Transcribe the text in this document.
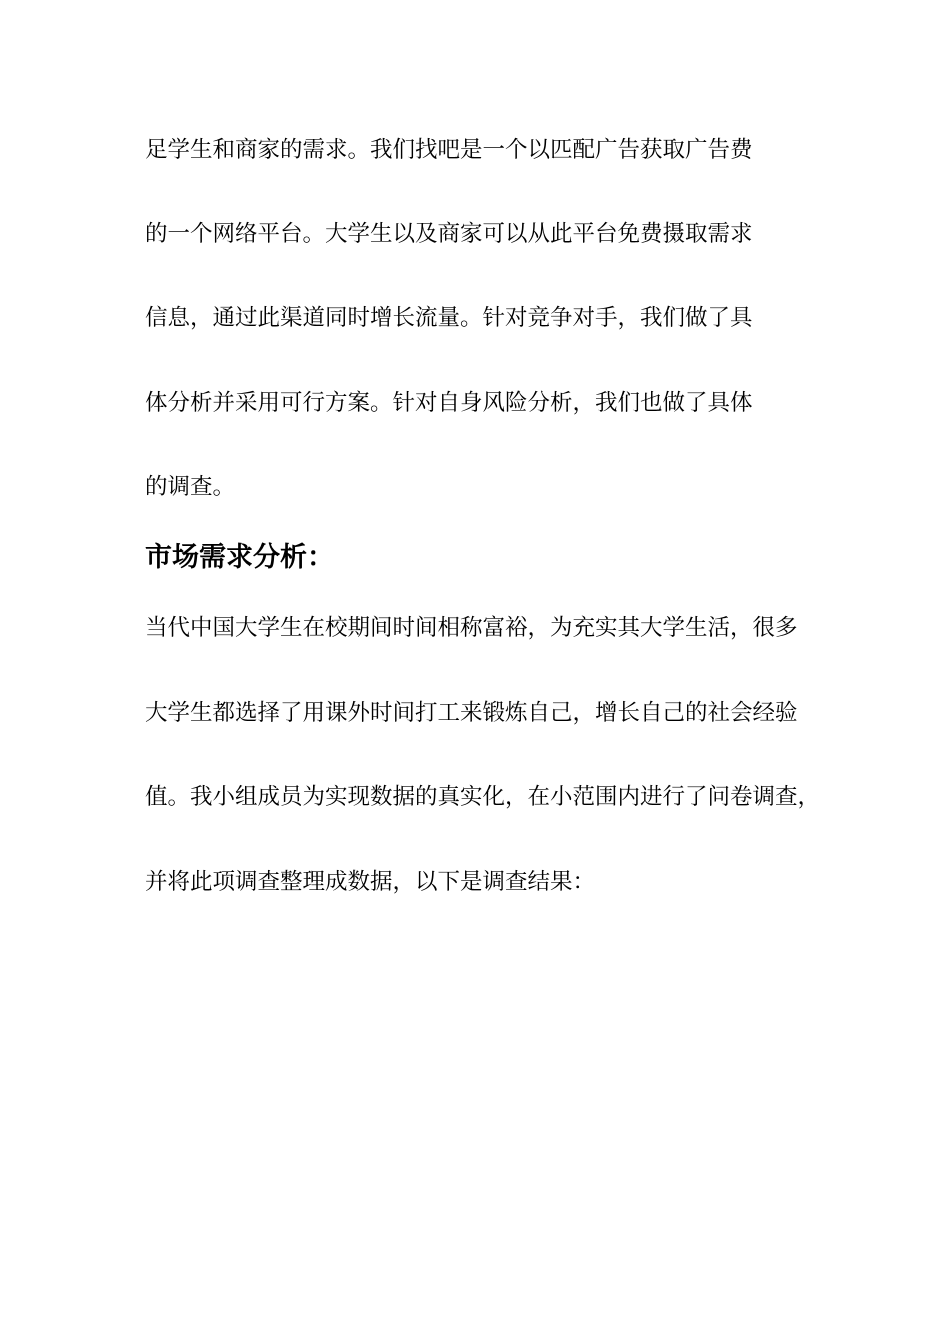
足学生和商家的需求。我们找吧是一个以匹配广告获取广告费
的一个网络平台。大学生以及商家可以从此平台免费摄取需求
信息，通过此渠道同时增长流量。针对竞争对手，我们做了具
体分析并采用可行方案。针对自身风险分析，我们也做了具体
的调查。
市场需求分析：
当代中国大学生在校期间时间相称富裕，为充实其大学生活，很多
大学生都选择了用课外时间打工来锻炼自己，增长自己的社会经验
值。我小组成员为实现数据的真实化，在小范围内进行了问卷调查，
并将此项调查整理成数据，以下是调查结果：
